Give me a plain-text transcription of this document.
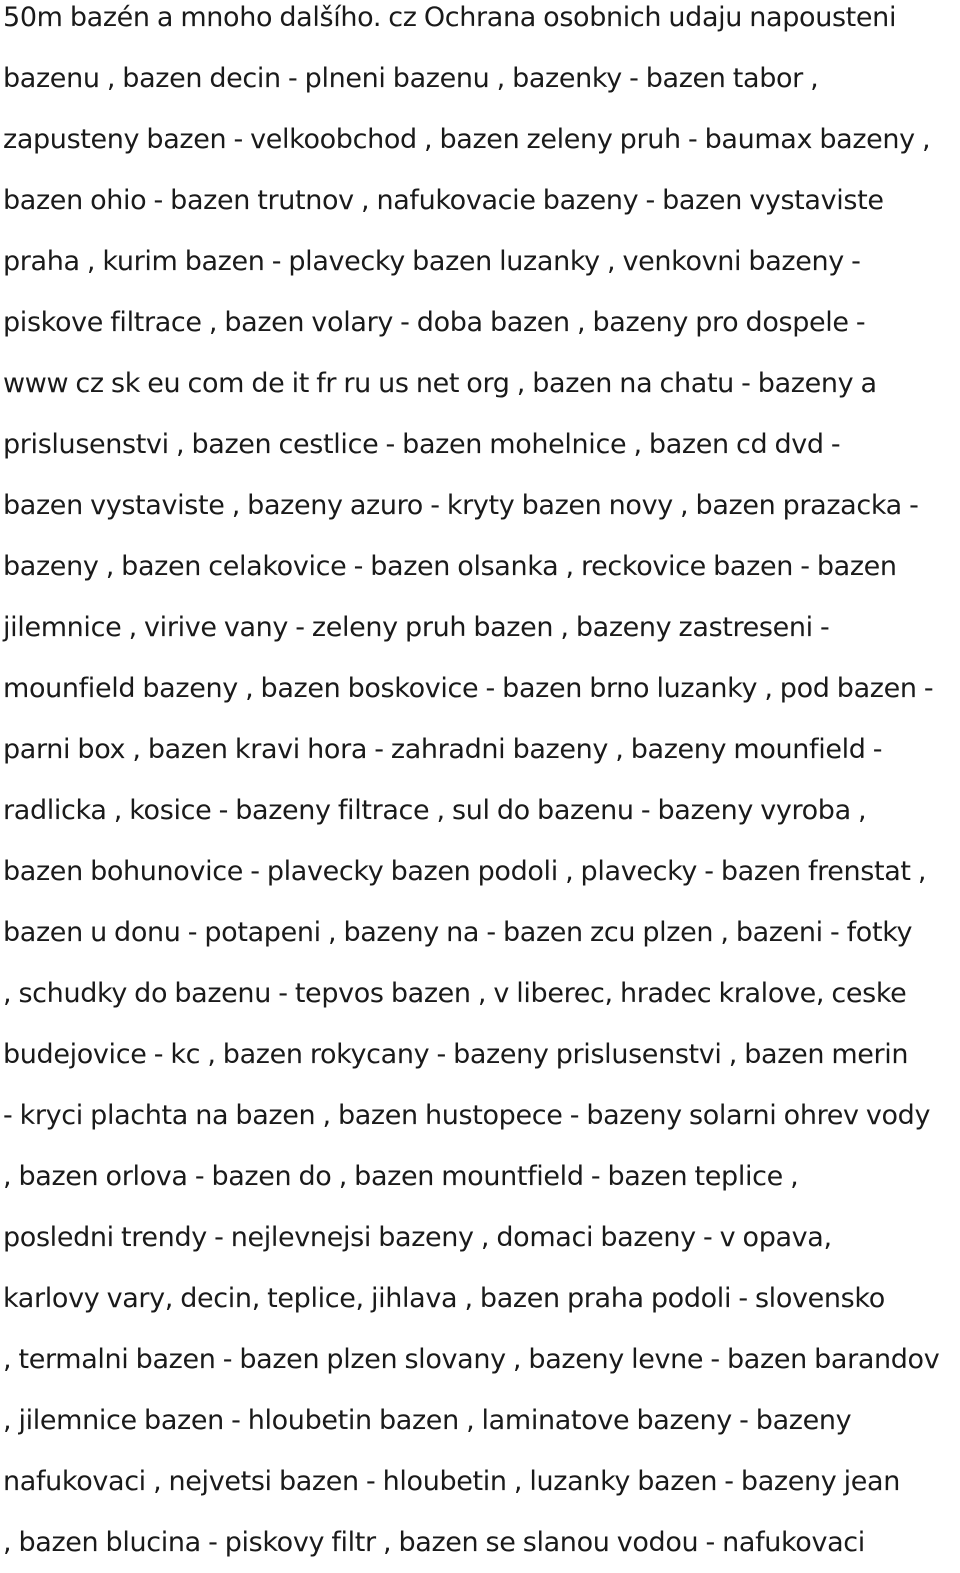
50m bazén a mnoho dalšího. cz Ochrana osobnich udaju napousteni
bazenu , bazen decin - plneni bazenu , bazenky - bazen tabor ,
zapusteny bazen - velkoobchod , bazen zeleny pruh - baumax bazeny ,
bazen ohio - bazen trutnov , nafukovacie bazeny - bazen vystaviste
praha , kurim bazen - plavecky bazen luzanky , venkovni bazeny -
piskove filtrace , bazen volary - doba bazen , bazeny pro dospele -
www cz sk eu com de it fr ru us net org , bazen na chatu - bazeny a
prislusenstvi , bazen cestlice - bazen mohelnice , bazen cd dvd -
bazen vystaviste , bazeny azuro - kryty bazen novy , bazen prazacka -
bazeny , bazen celakovice - bazen olsanka , reckovice bazen - bazen
jilemnice , virive vany - zeleny pruh bazen , bazeny zastreseni -
mounfield bazeny , bazen boskovice - bazen brno luzanky , pod bazen -
parni box , bazen kravi hora - zahradni bazeny , bazeny mounfield -
radlicka , kosice - bazeny filtrace , sul do bazenu - bazeny vyroba ,
bazen bohunovice - plavecky bazen podoli , plavecky - bazen frenstat ,
bazen u donu - potapeni , bazeny na - bazen zcu plzen , bazeni - fotky
, schudky do bazenu - tepvos bazen , v liberec, hradec kralove, ceske
budejovice - kc , bazen rokycany - bazeny prislusenstvi , bazen merin
- kryci plachta na bazen , bazen hustopece - bazeny solarni ohrev vody
, bazen orlova - bazen do , bazen mountfield - bazen teplice ,
posledni trendy - nejlevnejsi bazeny , domaci bazeny - v opava,
karlovy vary, decin, teplice, jihlava , bazen praha podoli - slovensko
, termalni bazen - bazen plzen slovany , bazeny levne - bazen barandov
, jilemnice bazen - hloubetin bazen , laminatove bazeny - bazeny
nafukovaci , nejvetsi bazen - hloubetin , luzanky bazen - bazeny jean
, bazen blucina - piskovy filtr , bazen se slanou vodou - nafukovaci
